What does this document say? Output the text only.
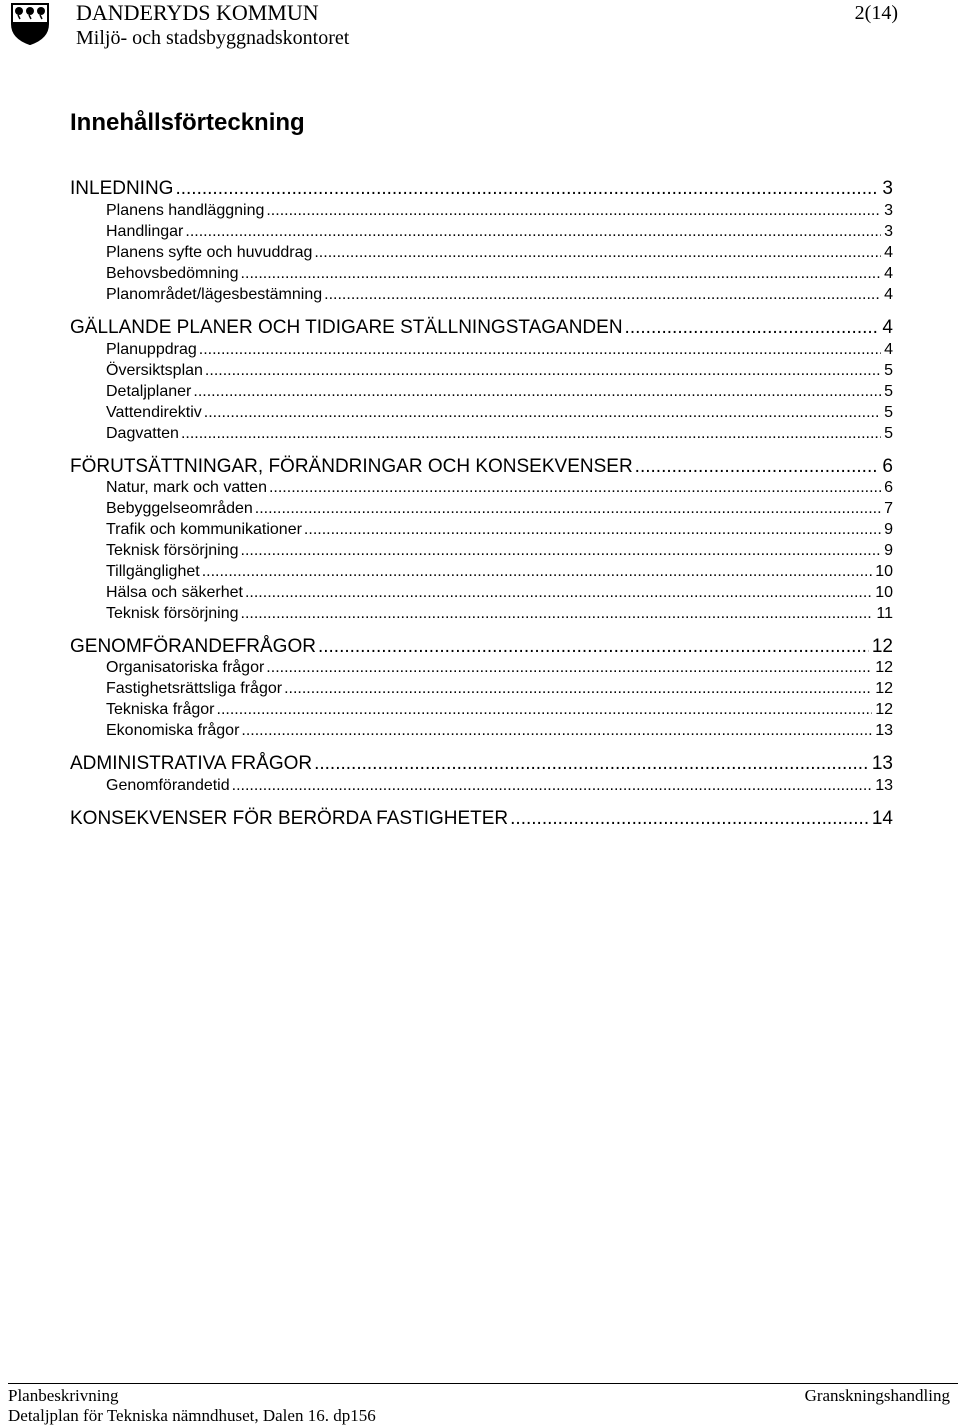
DANDERYDS KOMMUN
Miljö- och stadsbyggnadskontoret
2(14)
Innehållsförteckning
INLEDNING .....	3
Planens handläggning .....	3
Handlingar .....	3
Planens syfte och huvuddrag .....	4
Behovsbedömning .....	4
Planområdet/lägesbestämning .....	4
GÄLLANDE PLANER OCH TIDIGARE STÄLLNINGSTAGANDEN .....	4
Planuppdrag .....	4
Översiktsplan .....	5
Detaljplaner .....	5
Vattendirektiv .....	5
Dagvatten .....	5
FÖRUTSÄTTNINGAR, FÖRÄNDRINGAR OCH KONSEKVENSER .....	6
Natur, mark och vatten .....	6
Bebyggelseområden .....	7
Trafik och kommunikationer .....	9
Teknisk försörjning .....	9
Tillgänglighet .....	10
Hälsa och säkerhet .....	10
Teknisk försörjning .....	11
GENOMFÖRANDEFRÅGOR .....	12
Organisatoriska frågor .....	12
Fastighetsrättsliga frågor .....	12
Tekniska frågor .....	12
Ekonomiska frågor .....	13
ADMINISTRATIVA FRÅGOR .....	13
Genomförandetid .....	13
KONSEKVENSER FÖR BERÖRDA FASTIGHETER .....	14
Planbeskrivning
Detaljplan för Tekniska nämndhuset, Dalen 16. dp156
Granskningshandling
